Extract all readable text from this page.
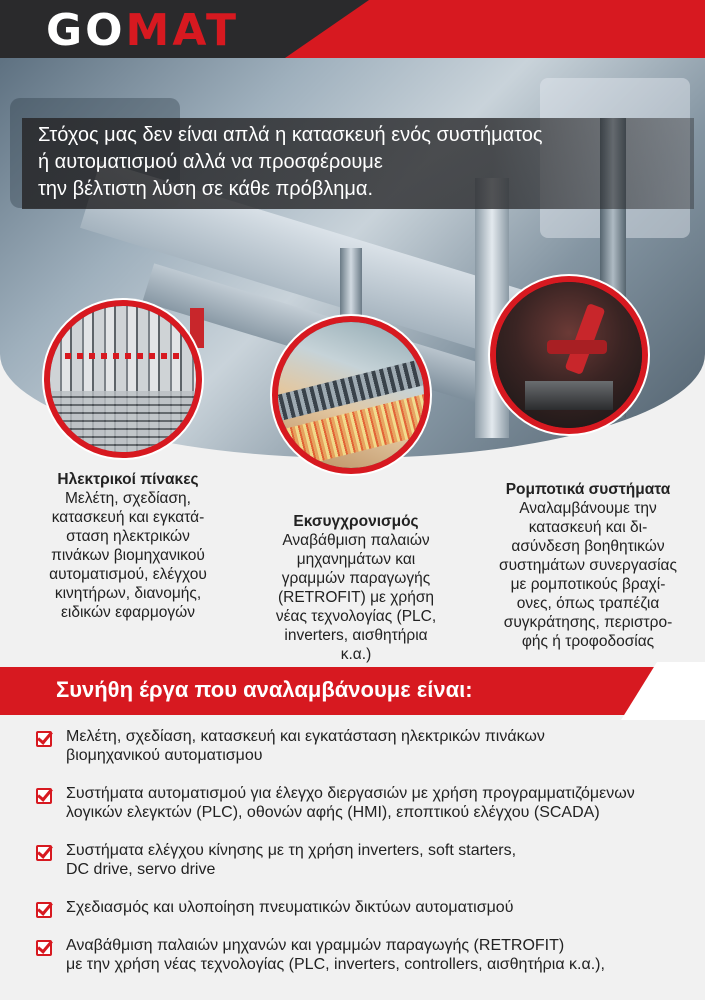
GOMAT
Στόχος μας δεν είναι απλά η κατασκευή ενός συστήματος
ή αυτοματισμού αλλά να προσφέρουμε
την βέλτιστη λύση σε κάθε πρόβλημα.
Ηλεκτρικοί πίνακες
Μελέτη, σχεδίαση,
κατασκευή και εγκατά-
σταση ηλεκτρικών
πινάκων βιομηχανικού
αυτοματισμού, ελέγχου
κινητήρων, διανομής,
ειδικών εφαρμογών
Εκσυγχρονισμός
Αναβάθμιση παλαιών
μηχανημάτων και
γραμμών παραγωγής
(RETROFIT) με χρήση
νέας τεχνολογίας (PLC,
inverters, αισθητήρια
κ.α.)
Ρομποτικά συστήματα
Αναλαμβάνουμε την
κατασκευή και δι-
ασύνδεση βοηθητικών
συστημάτων συνεργασίας
με ρομποτικούς βραχί-
ονες, όπως τραπέζια
συγκράτησης, περιστρο-
φής ή τροφοδοσίας
Συνήθη έργα που αναλαμβάνουμε είναι:
Μελέτη, σχεδίαση, κατασκευή και εγκατάσταση ηλεκτρικών πινάκων
βιομηχανικού αυτοματισμου
Συστήματα αυτοματισμού για έλεγχο διεργασιών με χρήση προγραμματιζόμενων
λογικών ελεγκτών (PLC), οθονών αφής (HMI), εποπτικού ελέγχου (SCADA)
Συστήματα ελέγχου κίνησης με τη χρήση inverters, soft starters,
DC drive, servo drive
Σχεδιασμός και υλοποίηση πνευματικών δικτύων αυτοματισμού
Αναβάθμιση παλαιών μηχανών και γραμμών παραγωγής (RETROFIT)
με την χρήση νέας τεχνολογίας (PLC, inverters, controllers, αισθητήρια κ.α.),
